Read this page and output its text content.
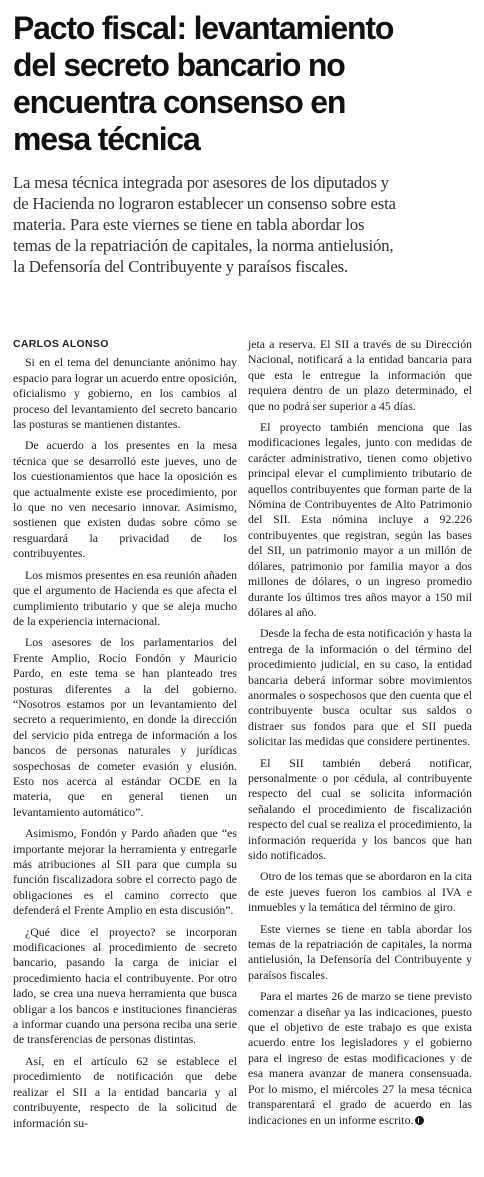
Pacto fiscal: levantamiento
del secreto bancario no
encuentra consenso en
mesa técnica
La mesa técnica integrada por asesores de los diputados y
de Hacienda no lograron establecer un consenso sobre esta
materia. Para este viernes se tiene en tabla abordar los
temas de la repatriación de capitales, la norma antielusión,
la Defensoría del Contribuyente y paraísos fiscales.
CARLOS ALONSO

Si en el tema del denunciante anónimo hay espacio para lograr un acuerdo entre oposición, oficialismo y gobierno, en los cambios al proceso del levantamiento del secreto bancario las posturas se mantienen distantes.

De acuerdo a los presentes en la mesa técnica que se desarrolló este jueves, uno de los cuestionamientos que hace la oposición es que actualmente existe ese procedimiento, por lo que no ven necesario innovar. Asimismo, sostienen que existen dudas sobre cómo se resguardará la privacidad de los contribuyentes.

Los mismos presentes en esa reunión añaden que el argumento de Hacienda es que afecta el cumplimiento tributario y que se aleja mucho de la experiencia internacional.

Los asesores de los parlamentarios del Frente Amplio, Rocío Fondón y Mauricio Pardo, en este tema se han planteado tres posturas diferentes a la del gobierno. “Nosotros estamos por un levantamiento del secreto a requerimiento, en donde la dirección del servicio pida entrega de información a los bancos de personas naturales y jurídicas sospechosas de cometer evasión y elusión. Esto nos acerca al estándar OCDE en la materia, que en general tienen un levantamiento automático”.

Asimismo, Fondón y Pardo añaden que “es importante mejorar la herramienta y entregarle más atribuciones al SII para que cumpla su función fiscalizadora sobre el correcto pago de obligaciones es el camino correcto que defenderá el Frente Amplio en esta discusión”.

¿Qué dice el proyecto? se incorporan modificaciones al procedimiento de secreto bancario, pasando la carga de iniciar el procedimiento hacia el contribuyente. Por otro lado, se crea una nueva herramienta que busca obligar a los bancos e instituciones financieras a informar cuando una persona reciba una serie de transferencias de personas distintas.

Así, en el artículo 62 se establece el procedimiento de notificación que debe realizar el SII a la entidad bancaria y al contribuyente, respecto de la solicitud de información su-

jeta a reserva. El SII a través de su Dirección Nacional, notificará a la entidad bancaria para que esta le entregue la información que requiera dentro de un plazo determinado, el que no podrá ser superior a 45 días.

El proyecto también menciona que las modificaciones legales, junto con medidas de carácter administrativo, tienen como objetivo principal elevar el cumplimiento tributario de aquellos contribuyentes que forman parte de la Nómina de Contribuyentes de Alto Patrimonio del SII. Esta nómina incluye a 92.226 contribuyentes que registran, según las bases del SII, un patrimonio mayor a un millón de dólares, patrimonio por familia mayor a dos millones de dólares, o un ingreso promedio durante los últimos tres años mayor a 150 mil dólares al año.

Desde la fecha de esta notificación y hasta la entrega de la información o del término del procedimiento judicial, en su caso, la entidad bancaria deberá informar sobre movimientos anormales o sospechosos que den cuenta que el contribuyente busca ocultar sus saldos o distraer sus fondos para que el SII pueda solicitar las medidas que considere pertinentes.

El SII también deberá notificar, personalmente o por cédula, al contribuyente respecto del cual se solicita información señalando el procedimiento de fiscalización respecto del cual se realiza el procedimiento, la información requerida y los bancos que han sido notificados.

Otro de los temas que se abordaron en la cita de este jueves fueron los cambios al IVA e inmuebles y la temática del término de giro.

Este viernes se tiene en tabla abordar los temas de la repatriación de capitales, la norma antielusión, la Defensoría del Contribuyente y paraísos fiscales.

Para el martes 26 de marzo se tiene previsto comenzar a diseñar ya las indicaciones, puesto que el objetivo de este trabajo es que exista acuerdo entre los legisladores y el gobierno para el ingreso de estas modificaciones y de esa manera avanzar de manera consensuada. Por lo mismo, el miércoles 27 la mesa técnica transparentará el grado de acuerdo en las indicaciones en un informe escrito.
